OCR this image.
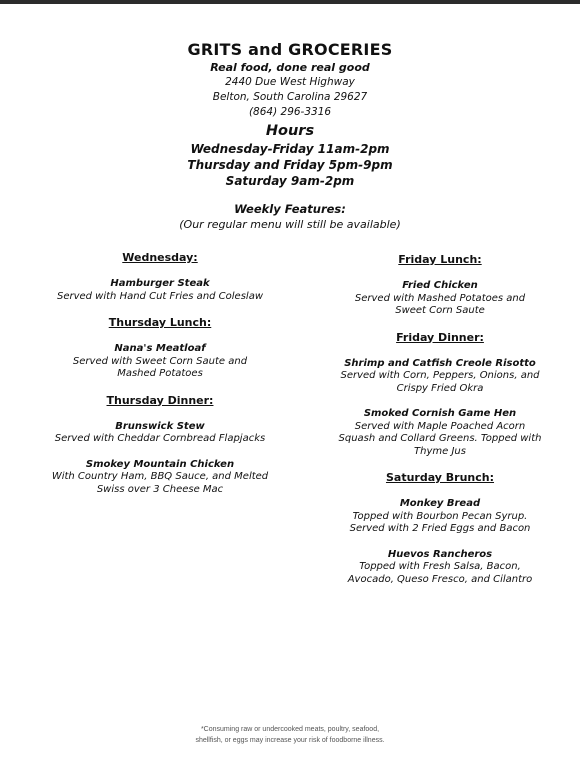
GRITS and GROCERIES
Real food, done real good
2440 Due West Highway
Belton, South Carolina 29627
(864) 296-3316
Hours
Wednesday-Friday 11am-2pm
Thursday and Friday 5pm-9pm
Saturday 9am-2pm
Weekly Features:
(Our regular menu will still be available)
Wednesday:
Hamburger Steak
Served with Hand Cut Fries and Coleslaw
Thursday Lunch:
Nana's Meatloaf
Served with Sweet Corn Saute and
Mashed Potatoes
Thursday Dinner:
Brunswick Stew
Served with Cheddar Cornbread Flapjacks
Smokey Mountain Chicken
With Country Ham, BBQ Sauce, and Melted
Swiss over 3 Cheese Mac
Friday Lunch:
Fried Chicken
Served with Mashed Potatoes and
Sweet Corn Saute
Friday Dinner:
Shrimp and Catfish Creole Risotto
Served with Corn, Peppers, Onions, and
Crispy Fried Okra
Smoked Cornish Game Hen
Served with Maple Poached Acorn
Squash and Collard Greens. Topped with
Thyme Jus
Saturday Brunch:
Monkey Bread
Topped with Bourbon Pecan Syrup.
Served with 2 Fried Eggs and Bacon
Huevos Rancheros
Topped with Fresh Salsa, Bacon,
Avocado, Queso Fresco, and Cilantro
*Consuming raw or undercooked meats, poultry, seafood,
shellfish, or eggs may increase your risk of foodborne illness.
